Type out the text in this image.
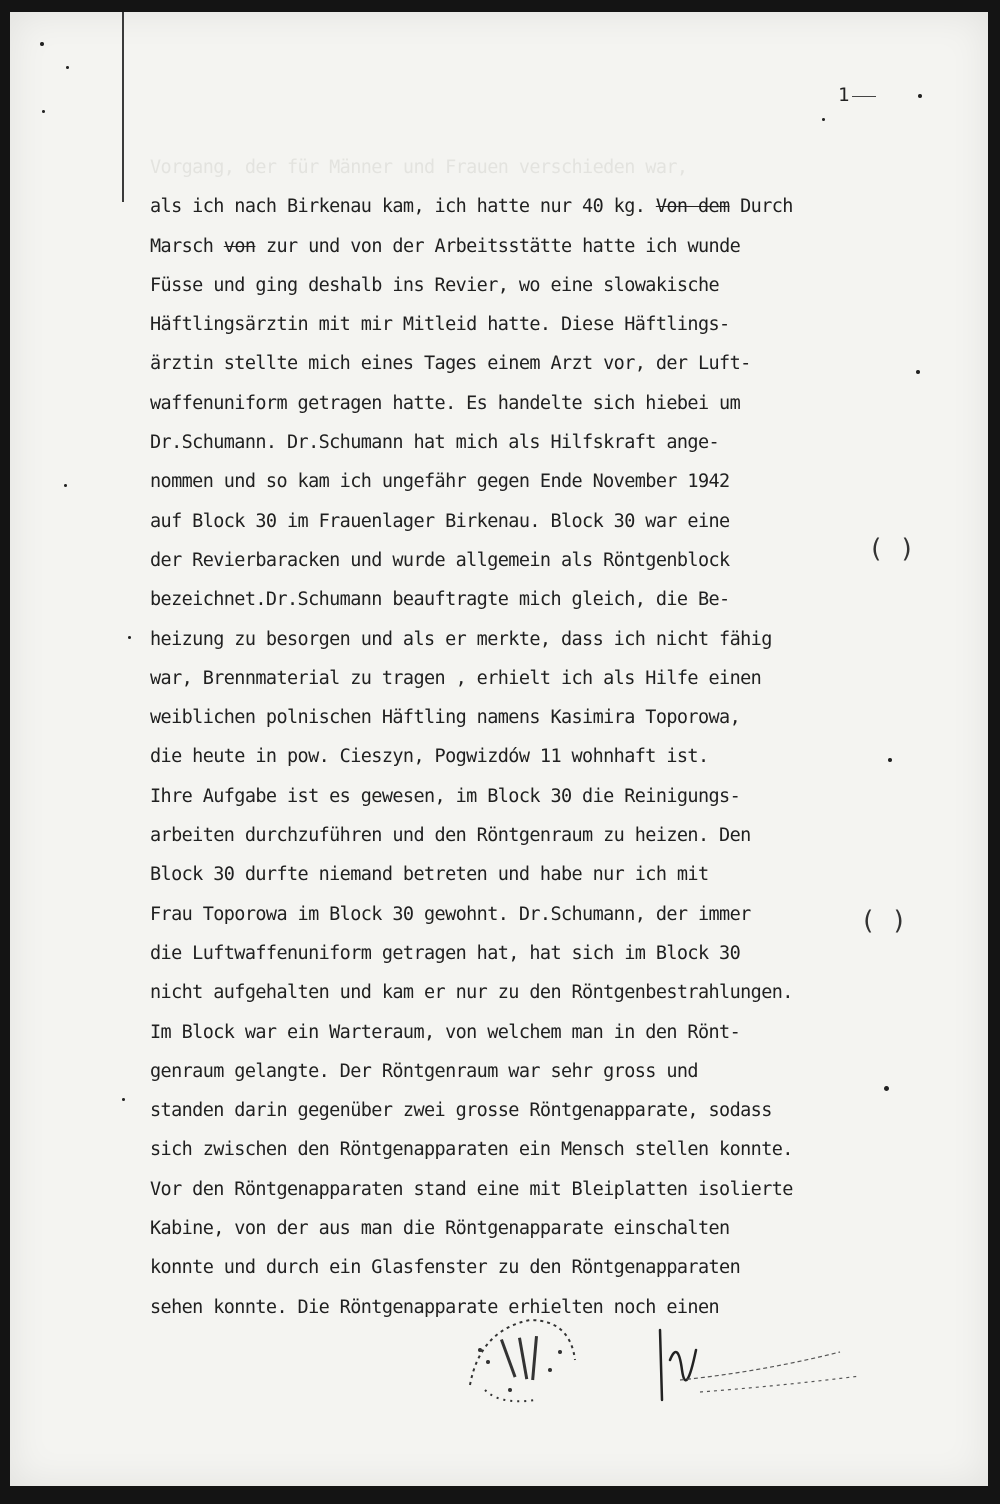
1
Vorgang, der für Männer und Frauen verschieden war,
als ich nach Birkenau kam, ich hatte nur 40 kg. Von dem Durch
Marsch von zur und von der Arbeitsstätte hatte ich wunde
Füsse und ging deshalb ins Revier, wo eine slowakische
Häftlingsärztin mit mir Mitleid hatte. Diese Häftlings-
ärztin stellte mich eines Tages einem Arzt vor, der Luft-
waffenuniform getragen hatte. Es handelte sich hiebei um
Dr.Schumann. Dr.Schumann hat mich als Hilfskraft ange-
nommen und so kam ich ungefähr gegen Ende November 1942
auf Block 30 im Frauenlager Birkenau. Block 30 war eine
der Revierbaracken und wurde allgemein als Röntgenblock
bezeichnet.Dr.Schumann beauftragte mich gleich, die Be-
heizung zu besorgen und als er merkte, dass ich nicht fähig
war, Brennmaterial zu tragen , erhielt ich als Hilfe einen
weiblichen polnischen Häftling namens Kasimira Toporowa,
die heute in pow. Cieszyn, Pogwizdów 11 wohnhaft ist.
Ihre Aufgabe ist es gewesen, im Block 30 die Reinigungs-
arbeiten durchzuführen und den Röntgenraum zu heizen. Den
Block 30 durfte niemand betreten und habe nur ich mit
Frau Toporowa im Block 30 gewohnt. Dr.Schumann, der immer
die Luftwaffenuniform getragen hat, hat sich im Block 30
nicht aufgehalten und kam er nur zu den Röntgenbestrahlungen.
Im Block war ein Warteraum, von welchem man in den Rönt-
genraum gelangte. Der Röntgenraum war sehr gross und
standen darin gegenüber zwei grosse Röntgenapparate, sodass
sich zwischen den Röntgenapparaten ein Mensch stellen konnte.
Vor den Röntgenapparaten stand eine mit Bleiplatten isolierte
Kabine, von der aus man die Röntgenapparate einschalten
konnte und durch ein Glasfenster zu den Röntgenapparaten
sehen konnte. Die Röntgenapparate erhielten noch einen
( )
( )
